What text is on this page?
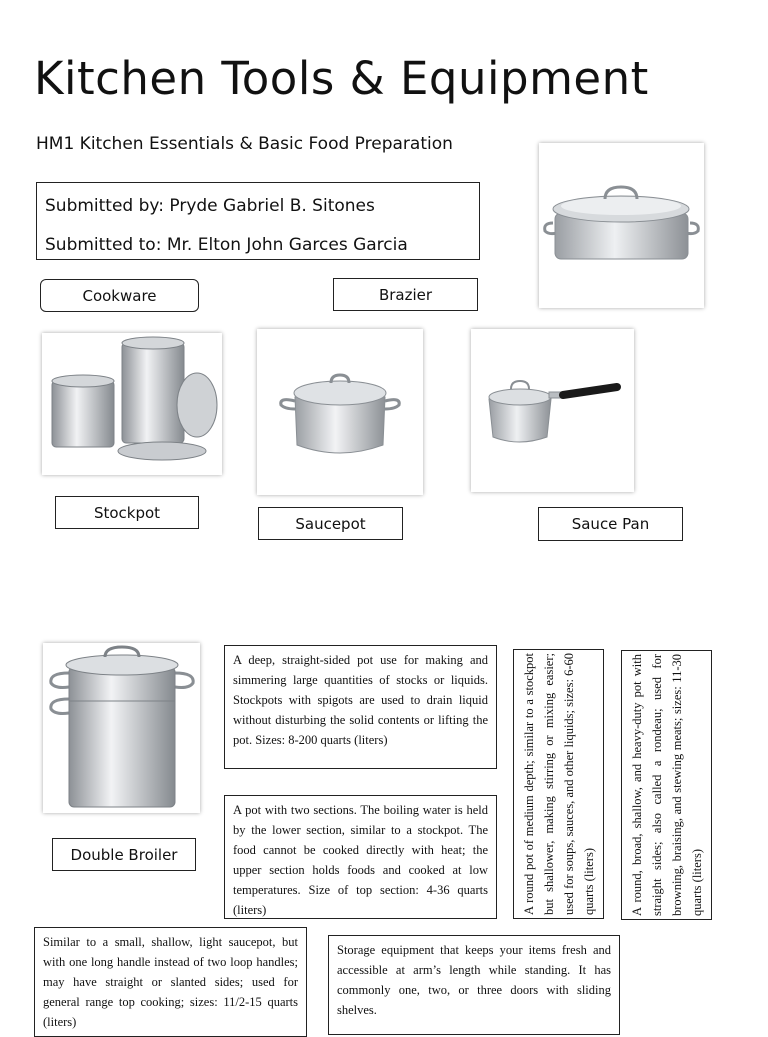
Kitchen Tools & Equipment
HM1 Kitchen Essentials & Basic Food Preparation
Submitted by: Pryde Gabriel B. Sitones
Submitted to: Mr. Elton John Garces Garcia
Cookware	Brazier
Stockpot
Saucepot	Sauce Pan
Double Broiler
A deep, straight-sided pot use for making and simmering large quantities of stocks or liquids. Stockpots with spigots are used to drain liquid without disturbing the solid contents or lifting the pot. Sizes: 8-200 quarts (liters)
A pot with two sections. The boiling water is held by the lower section, similar to a stockpot. The food cannot be cooked directly with heat; the upper section holds foods and cooked at low temperatures. Size of top section: 4-36 quarts (liters)	A round pot of medium depth; similar to a stockpot but shallower, making stirring or mixing easier; used for soups, sauces, and other liquids; sizes: 6-60 quarts (liters)	A round, broad, shallow, and heavy-duty pot with straight sides; also called a rondeau; used for browning, braising, and stewing meats; sizes: 11-30 quarts (liters)
Similar to a small, shallow, light saucepot, but with one long handle instead of two loop handles; may have straight or slanted sides; used for general range top cooking; sizes: 11/2-15 quarts (liters)
Storage equipment that keeps your items fresh and accessible at arm’s length while standing. It has commonly one, two, or three doors with sliding shelves.
